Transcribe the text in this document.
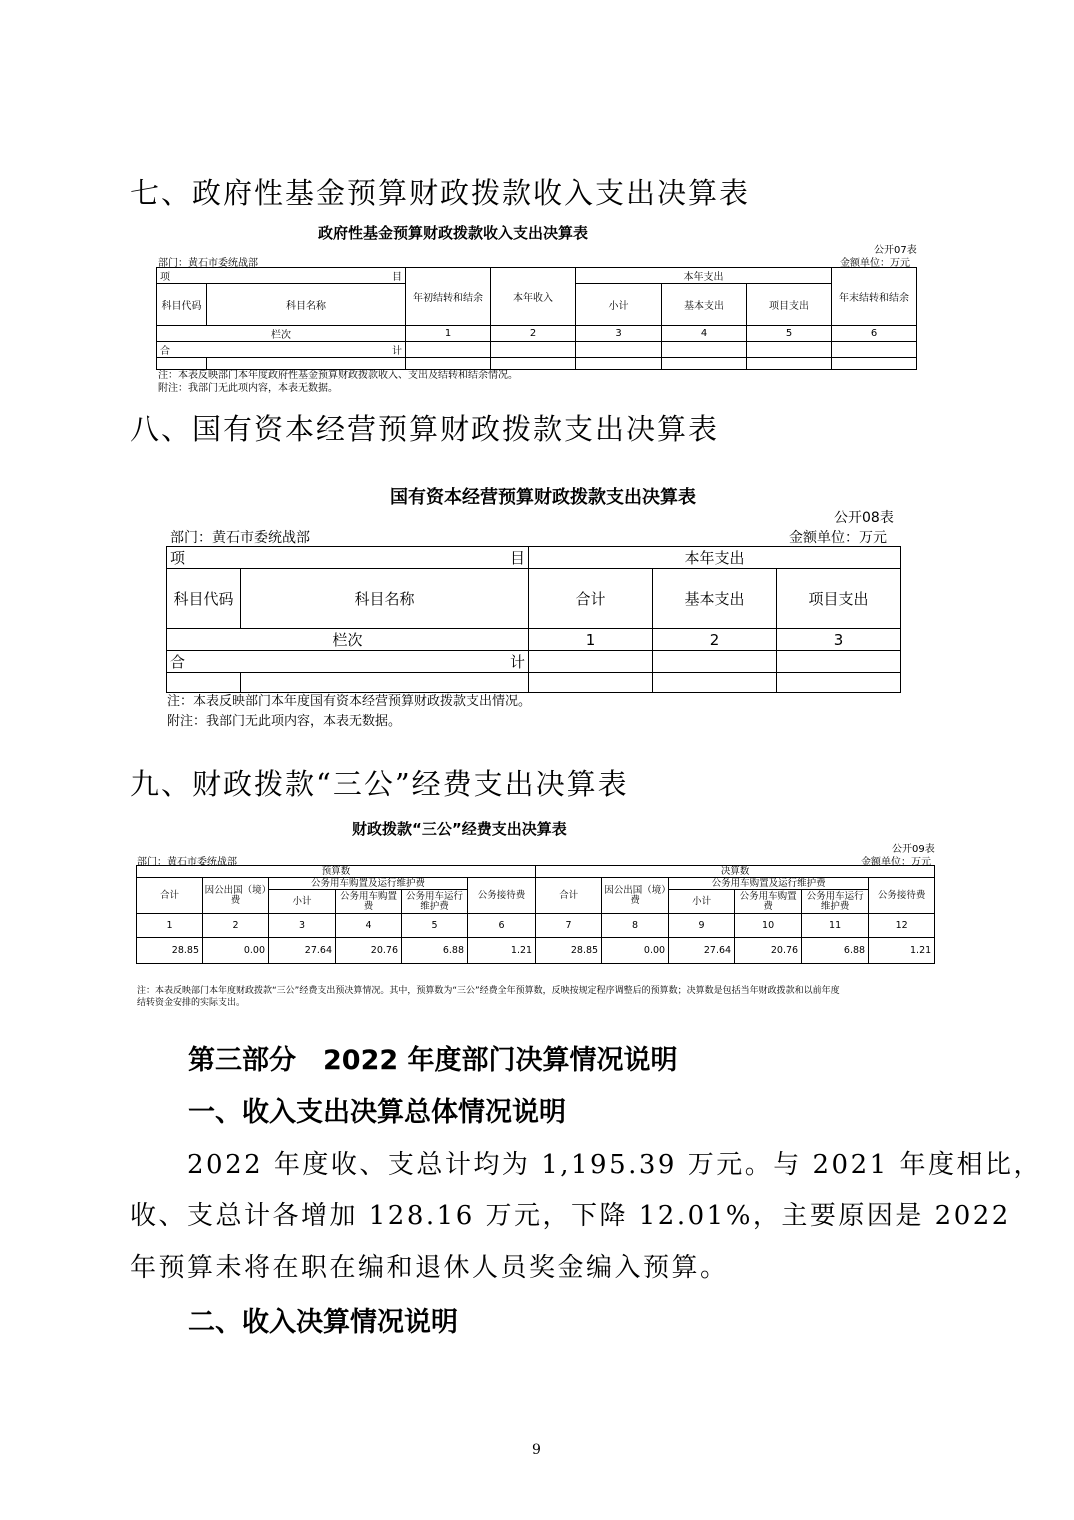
七、政府性基金预算财政拨款收入支出决算表
政府性基金预算财政拨款收入支出决算表
公开07表
部门：黄石市委统战部	金额单位：万元
项 目		年初结转和结余	本年收入	本年支出			年末结转和结余
科目代码	科目名称			小计	基本支出	项目支出	
栏次		1	2	3	4	5	6

合 计							

注：本表反映部门本年度政府性基金预算财政拨款收入、支出及结转和结余情况。
附注：我部门无此项内容，本表无数据。
八、国有资本经营预算财政拨款支出决算表
国有资本经营预算财政拨款支出决算表
公开08表
部门：黄石市委统战部	金额单位：万元
项 目		本年支出		
科目代码	科目名称	合计	基本支出	项目支出
栏次		1	2	3

合 计				

注：本表反映部门本年度国有资本经营预算财政拨款支出情况。
附注：我部门无此项内容，本表无数据。
九、财政拨款“三公”经费支出决算表
财政拨款“三公”经费支出决算表
公开09表
部门：黄石市委统战部	金额单位：万元
预算数						决算数					
合计	因公出国（境）费	公务用车购置及运行维护费			公务接待费	合计	因公出国（境）费	公务用车购置及运行维护费			公务接待费
		小计	公务用车购置费	公务用车运行维护费				小计	公务用车购置费	公务用车运行维护费	
1	2	3	4	5	6	7	8	9	10	11	12
28.85	0.00	27.64	20.76	6.88	1.21	28.85	0.00	27.64	20.76	6.88	1.21
注：本表反映部门本年度财政拨款“三公”经费支出预决算情况。其中，预算数为“三公”经费全年预算数，反映按规定程序调整后的预算数；决算数是包括当年财政拨款和以前年度
结转资金安排的实际支出。
第三部分　2022 年度部门决算情况说明
一、收入支出决算总体情况说明
2022 年度收、支总计均为 1,195.39 万元。与 2021 年度相比，
收、支总计各增加 128.16 万元，下降 12.01%，主要原因是 2022
年预算未将在职在编和退休人员奖金编入预算。
二、收入决算情况说明
9
